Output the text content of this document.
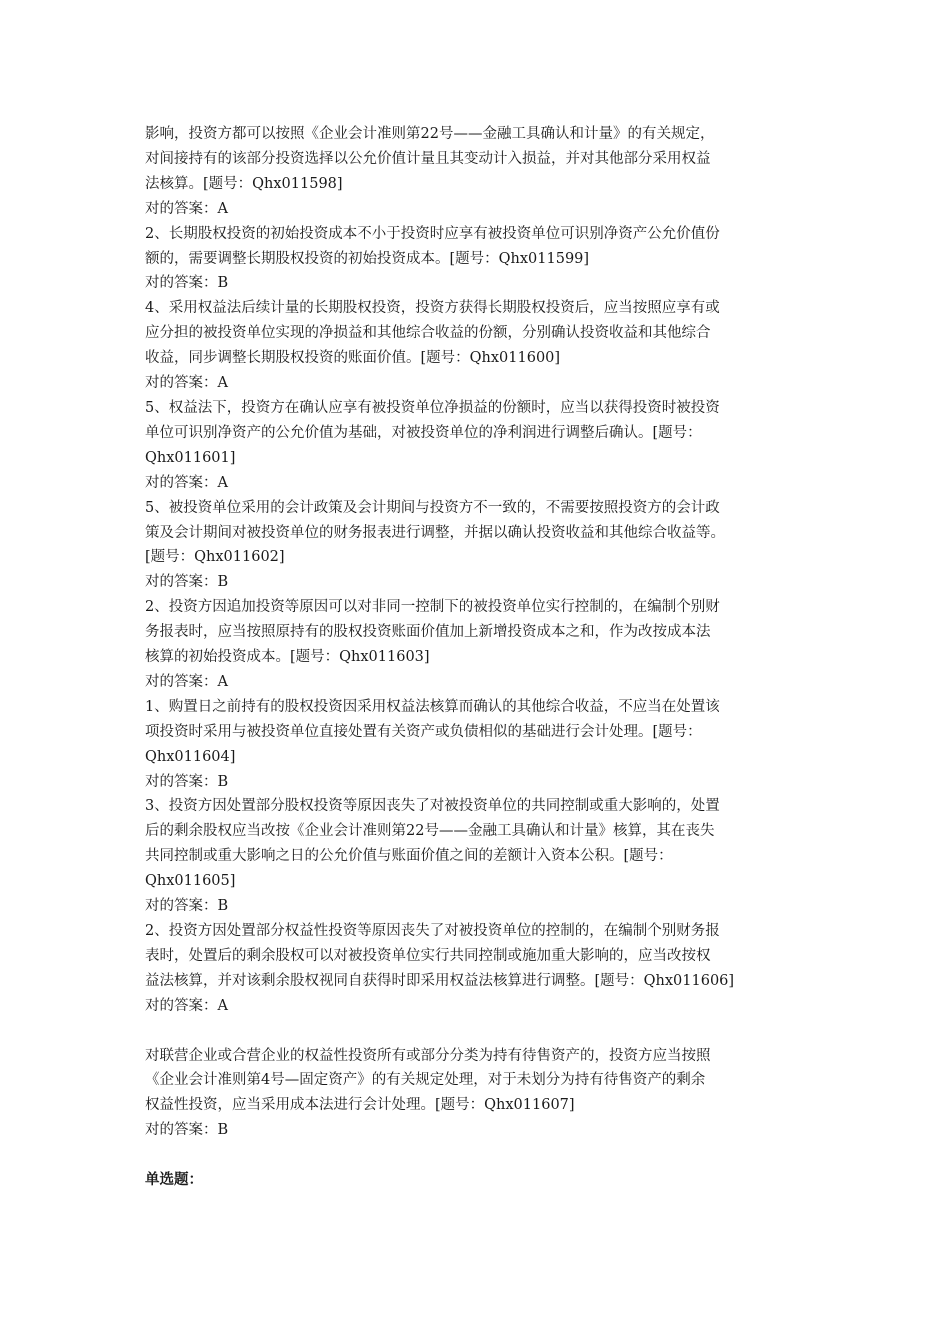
影响，投资方都可以按照《企业会计准则第22号——金融工具确认和计量》的有关规定，
对间接持有的该部分投资选择以公允价值计量且其变动计入损益，并对其他部分采用权益
法核算。[题号：Qhx011598]

对的答案：A

2、长期股权投资的初始投资成本不小于投资时应享有被投资单位可识别净资产公允价值份
额的，需要调整长期股权投资的初始投资成本。[题号：Qhx011599]

对的答案：B

4、采用权益法后续计量的长期股权投资，投资方获得长期股权投资后，应当按照应享有或
应分担的被投资单位实现的净损益和其他综合收益的份额，分别确认投资收益和其他综合
收益，同步调整长期股权投资的账面价值。[题号：Qhx011600]

对的答案：A

5、权益法下，投资方在确认应享有被投资单位净损益的份额时，应当以获得投资时被投资
单位可识别净资产的公允价值为基础，对被投资单位的净利润进行调整后确认。[题号：
Qhx011601]

对的答案：A

5、被投资单位采用的会计政策及会计期间与投资方不一致的，不需要按照投资方的会计政
策及会计期间对被投资单位的财务报表进行调整，并据以确认投资收益和其他综合收益等。
[题号：Qhx011602]

对的答案：B

2、投资方因追加投资等原因可以对非同一控制下的被投资单位实行控制的，在编制个别财
务报表时，应当按照原持有的股权投资账面价值加上新增投资成本之和，作为改按成本法
核算的初始投资成本。[题号：Qhx011603]

对的答案：A

1、购置日之前持有的股权投资因采用权益法核算而确认的其他综合收益，不应当在处置该
项投资时采用与被投资单位直接处置有关资产或负债相似的基础进行会计处理。[题号：
Qhx011604]

对的答案：B

3、投资方因处置部分股权投资等原因丧失了对被投资单位的共同控制或重大影响的，处置
后的剩余股权应当改按《企业会计准则第22号——金融工具确认和计量》核算，其在丧失
共同控制或重大影响之日的公允价值与账面价值之间的差额计入资本公积。[题号：
Qhx011605]

对的答案：B

2、投资方因处置部分权益性投资等原因丧失了对被投资单位的控制的，在编制个别财务报
表时，处置后的剩余股权可以对被投资单位实行共同控制或施加重大影响的，应当改按权
益法核算，并对该剩余股权视同自获得时即采用权益法核算进行调整。[题号：Qhx011606]

对的答案：A

对联营企业或合营企业的权益性投资所有或部分分类为持有待售资产的，投资方应当按照
《企业会计准则第4号—固定资产》的有关规定处理，对于未划分为持有待售资产的剩余
权益性投资，应当采用成本法进行会计处理。[题号：Qhx011607]

对的答案：B

单选题：
